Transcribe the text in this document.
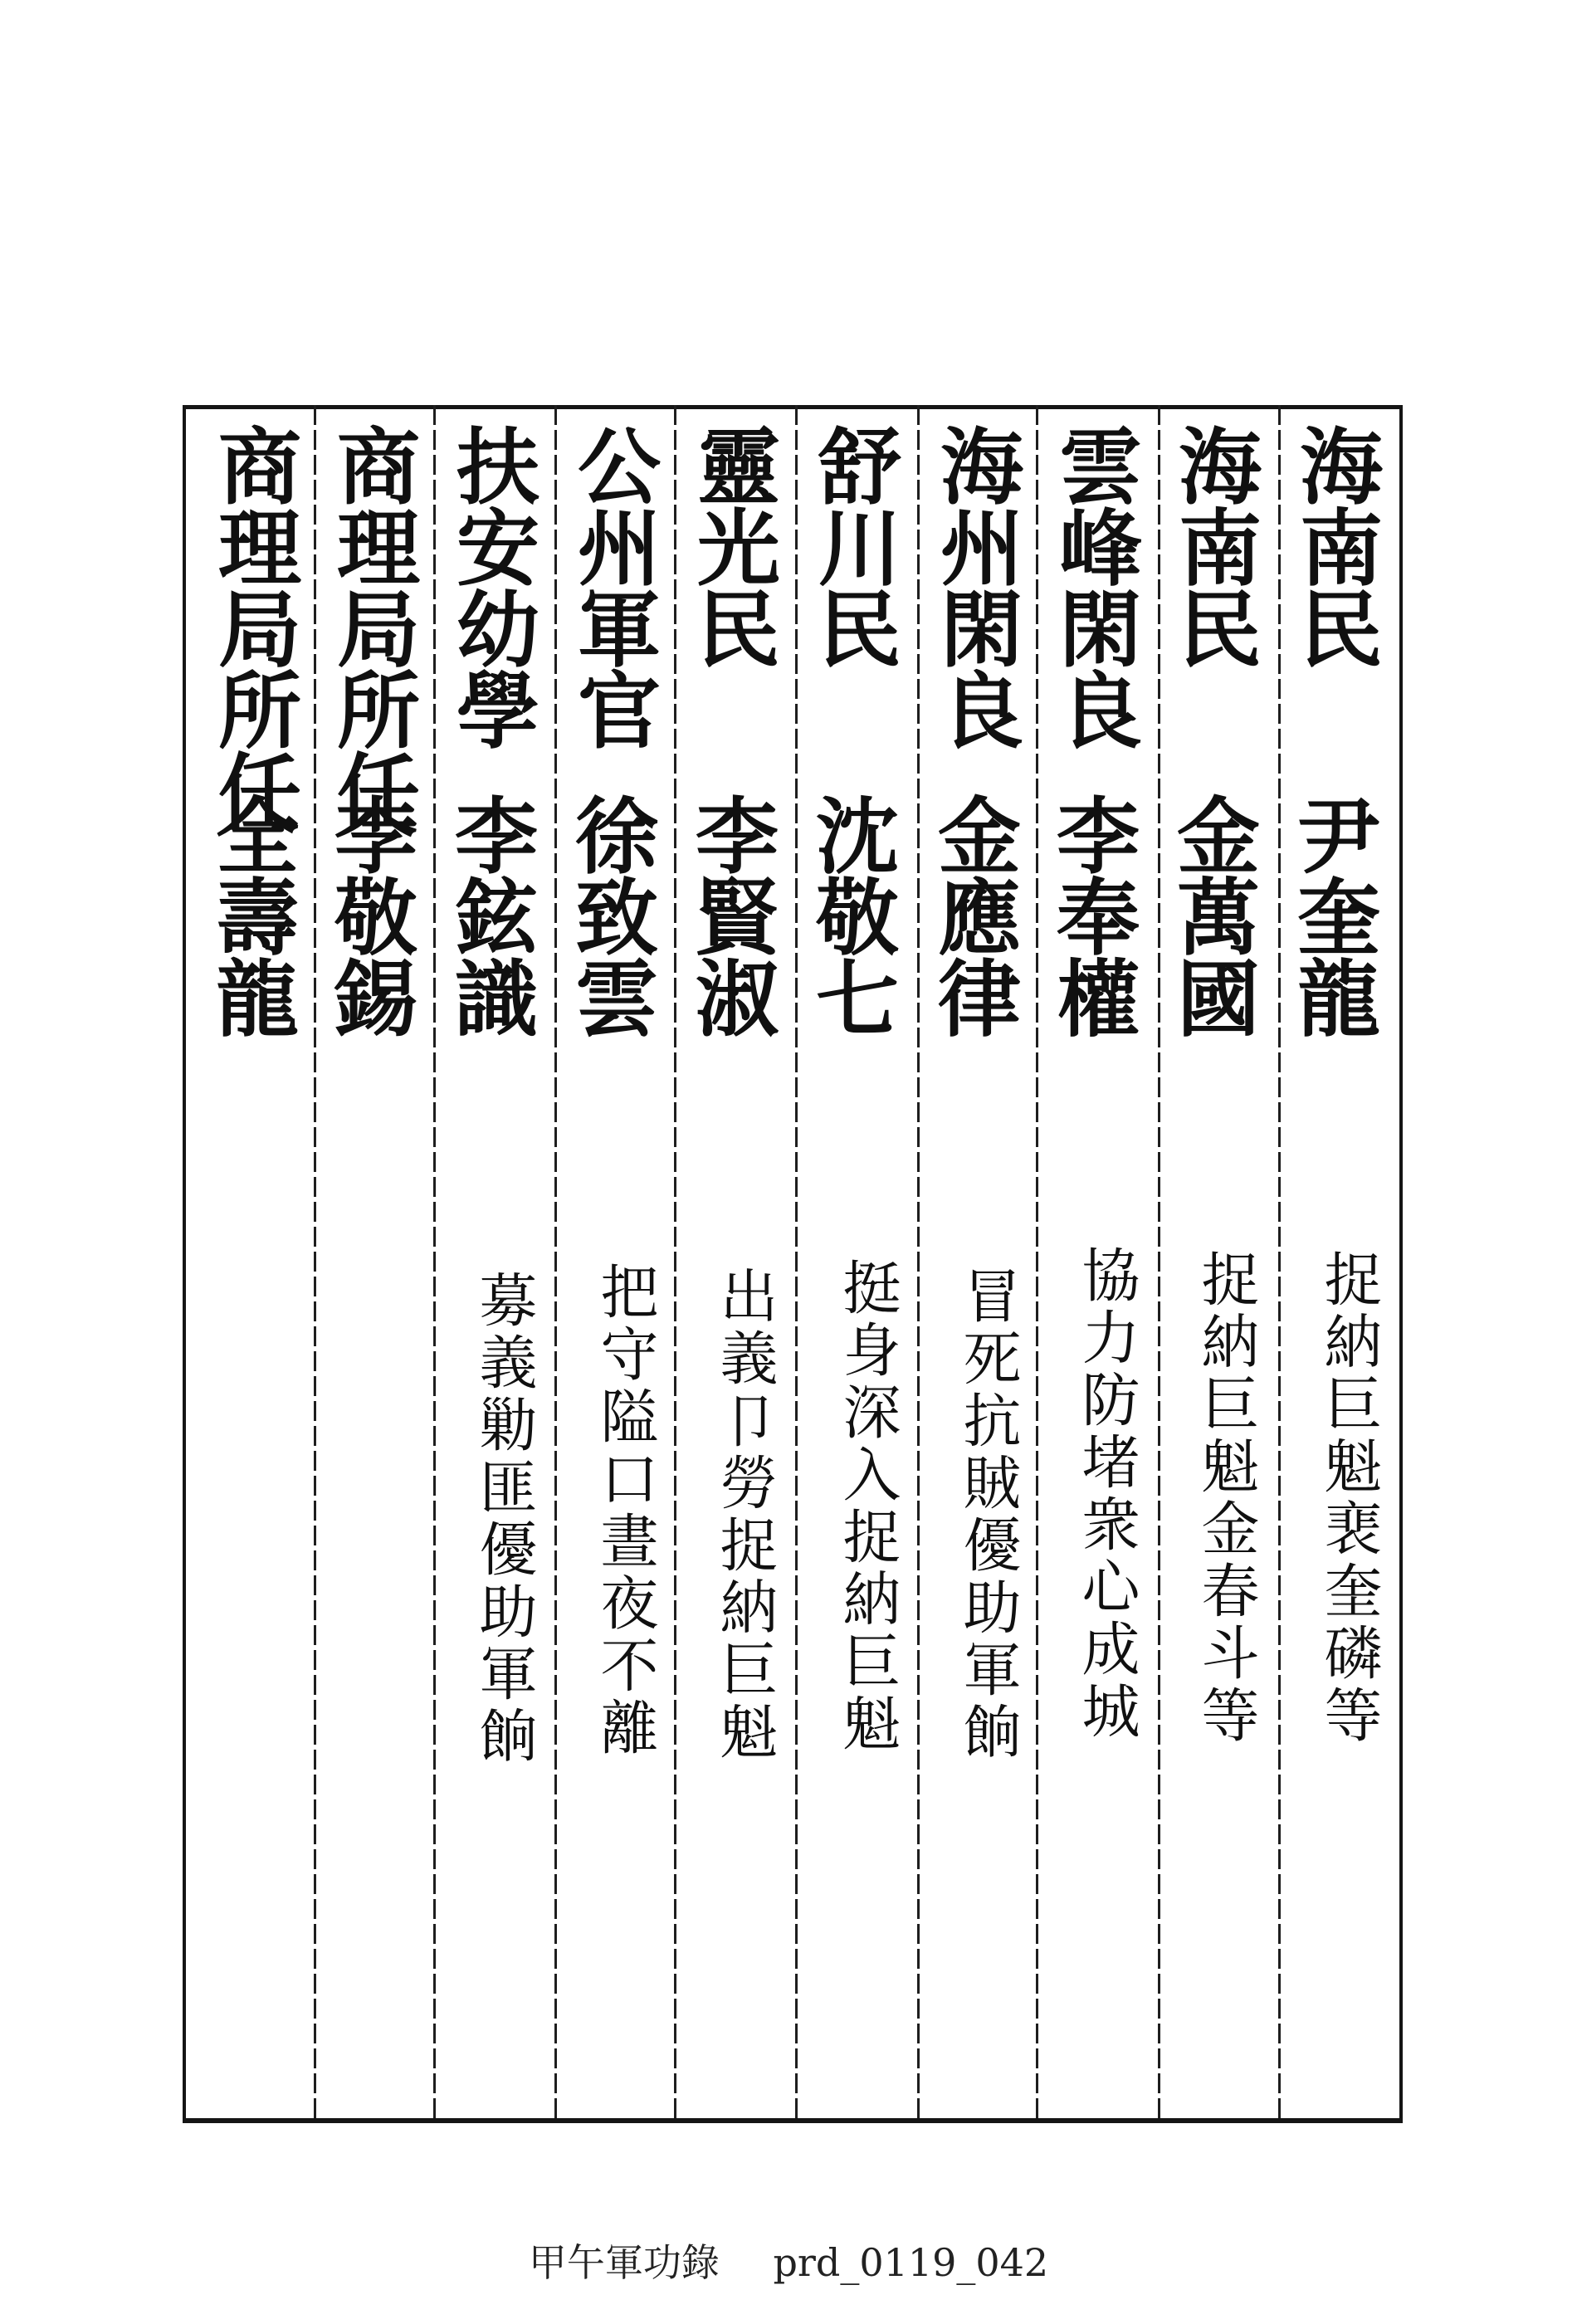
海南民
尹奎龍
捉納巨魁裵奎磷等
海南民
金萬國
捉納巨魁金春斗等
雲峰閑良
李奉權
協力防堵衆心成城
海州閑良
金應律
冒死抗賊優助軍餉
舒川民
沈敬七
挺身深入捉納巨魁
靈光民
李賢淑
出義卩勞捉納巨魁
公州軍官
徐致雲
把守隘口晝夜不離
扶安幼學
李鉉識
募義勦匪優助軍餉
商理局所任
李敬錫
商理局所任
全壽龍
甲午軍功錄 prd_0119_042
